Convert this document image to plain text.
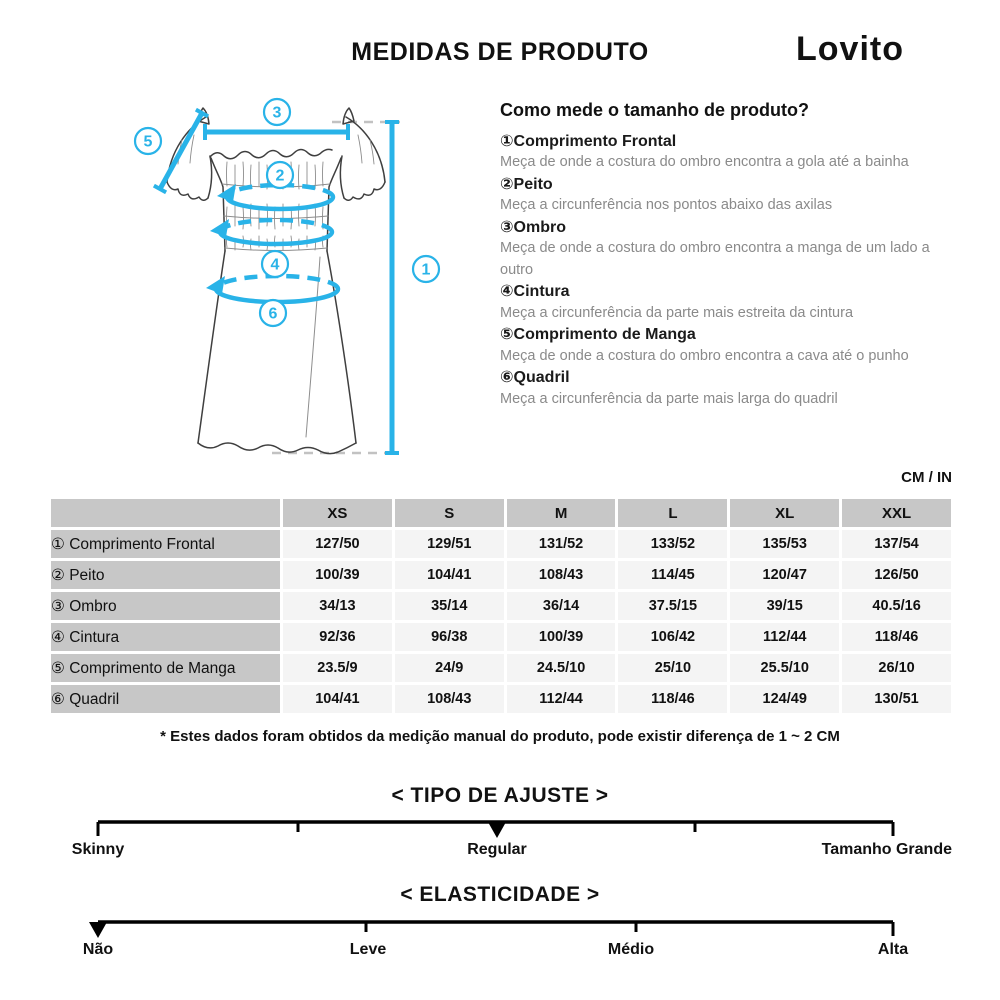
MEDIDAS DE PRODUTO	Lovito
3
5
2
4
6
1
Como mede o tamanho de produto?
①Comprimento Frontal
Meça de onde a costura do ombro encontra a gola até a bainha
②Peito
Meça a circunferência nos pontos abaixo das axilas
③Ombro
Meça de onde a costura do ombro encontra a manga de um lado a outro
④Cintura
Meça a circunferência da parte mais estreita da cintura
⑤Comprimento de Manga
Meça de onde a costura do ombro encontra a cava até o punho
⑥Quadril
Meça a circunferência da parte mais larga do quadril
CM / IN
	XS	S	M	L	XL	XXL
① Comprimento Frontal	127/50	129/51	131/52	133/52	135/53	137/54
② Peito	100/39	104/41	108/43	114/45	120/47	126/50
③ Ombro	34/13	35/14	36/14	37.5/15	39/15	40.5/16
④ Cintura	92/36	96/38	100/39	106/42	112/44	118/46
⑤ Comprimento de Manga	23.5/9	24/9	24.5/10	25/10	25.5/10	26/10
⑥ Quadril	104/41	108/43	112/44	118/46	124/49	130/51
* Estes dados foram obtidos da medição manual do produto, pode existir diferença de 1 ~ 2 CM
< TIPO DE AJUSTE >
Skinny	Regular	Tamanho Grande
< ELASTICIDADE >
Não	Leve	Médio	Alta
